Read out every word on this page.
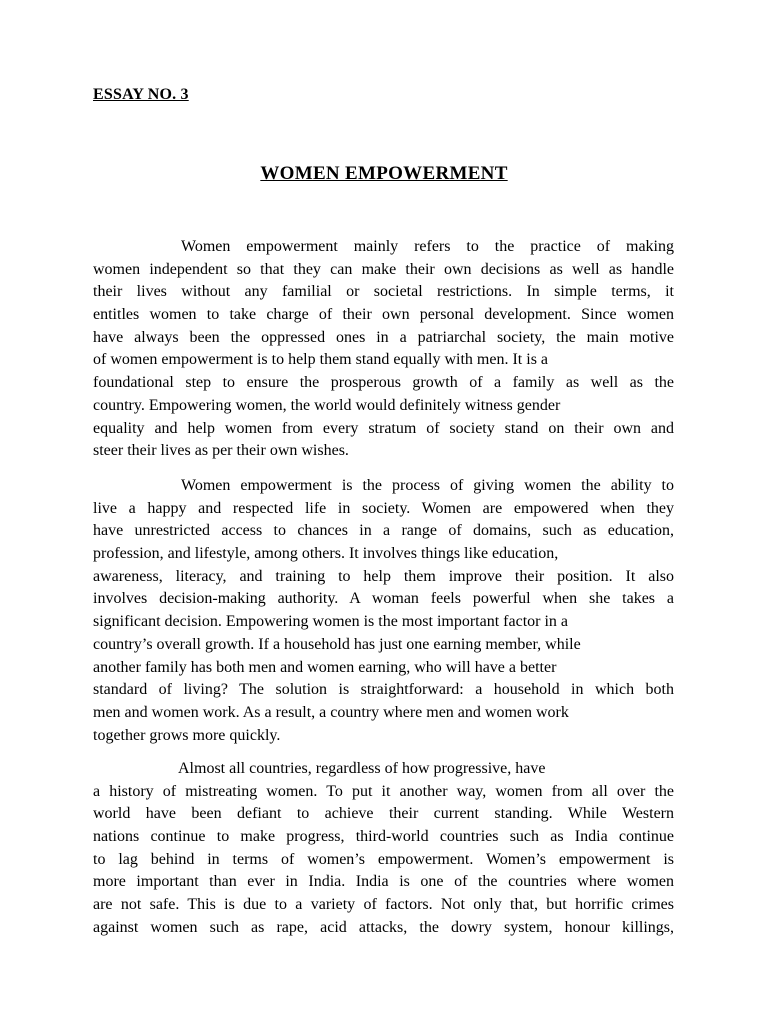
ESSAY NO. 3
WOMEN EMPOWERMENT
Women empowerment mainly refers to the practice of making
women independent so that they can make their own decisions as well as handle
their lives without any familial or societal restrictions. In simple terms, it
entitles women to take charge of their own personal development. Since women
have always been the oppressed ones in a patriarchal society, the main motive
of women empowerment is to help them stand equally with men. It is a
foundational step to ensure the prosperous growth of a family as well as the
country. Empowering women, the world would definitely witness gender
equality and help women from every stratum of society stand on their own and
steer their lives as per their own wishes.
Women empowerment is the process of giving women the ability to
live a happy and respected life in society. Women are empowered when they
have unrestricted access to chances in a range of domains, such as education,
profession, and lifestyle, among others. It involves things like education,
awareness, literacy, and training to help them improve their position. It also
involves decision-making authority. A woman feels powerful when she takes a
significant decision. Empowering women is the most important factor in a
country’s overall growth. If a household has just one earning member, while
another family has both men and women earning, who will have a better
standard of living? The solution is straightforward: a household in which both
men and women work. As a result, a country where men and women work
together grows more quickly.
Almost all countries, regardless of how progressive, have
a history of mistreating women. To put it another way, women from all over the
world have been defiant to achieve their current standing. While Western
nations continue to make progress, third-world countries such as India continue
to lag behind in terms of women’s empowerment. Women’s empowerment is
more important than ever in India. India is one of the countries where women
are not safe. This is due to a variety of factors. Not only that, but horrific crimes
against women such as rape, acid attacks, the dowry system, honour killings,
